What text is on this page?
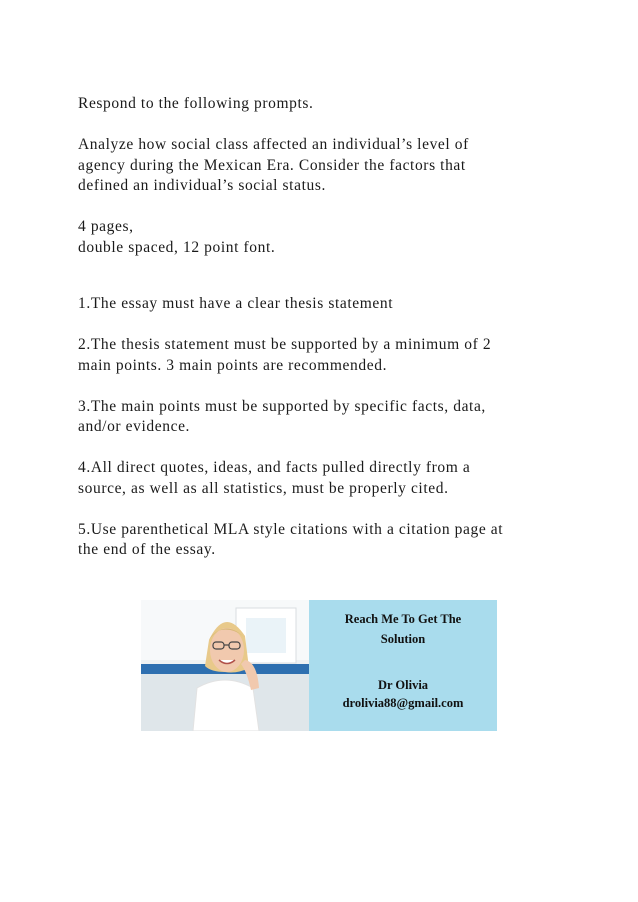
Respond to the following prompts.

Analyze how social class affected an individual’s level of

agency during the Mexican Era. Consider the factors that

defined an individual’s social status.

4 pages,

double spaced, 12 point font.

1.The essay must have a clear thesis statement

2.The thesis statement must be supported by a minimum of 2

main points. 3 main points are recommended.

3.The main points must be supported by specific facts, data,

and/or evidence.

4.All direct quotes, ideas, and facts pulled directly from a

source, as well as all statistics, must be properly cited.

5.Use parenthetical MLA style citations with a citation page at

the end of the essay.

Reach Me To Get The
Solution
Dr Olivia
drolivia88@gmail.com
